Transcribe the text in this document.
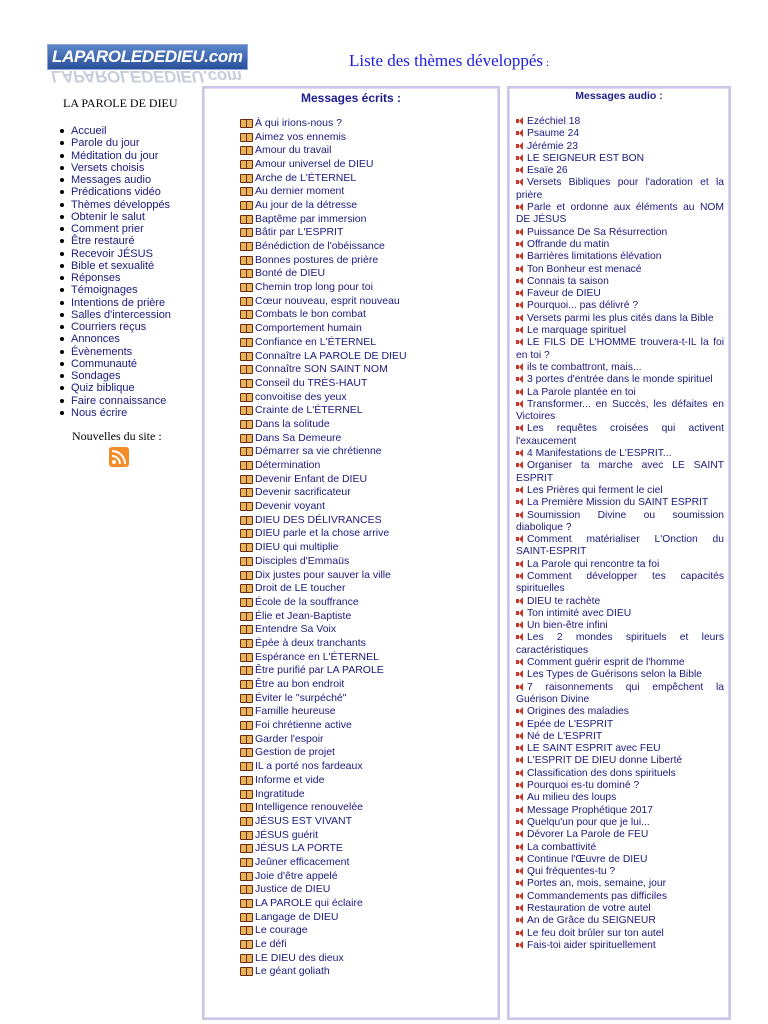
LAPAROLEDEDIEU.com
LAPAROLEDEDIEU.com
Liste des thèmes développés :
LA PAROLE DE DIEU
Accueil
Parole du jour
Méditation du jour
Versets choisis
Messages audio
Prédications vidéo
Thèmes développés
Obtenir le salut
Comment prier
Être restauré
Recevoir JÉSUS
Bible et sexualité
Réponses
Témoignages
Intentions de prière
Salles d'intercession
Courriers reçus
Annonces
Évènements
Communauté
Sondages
Quiz biblique
Faire connaissance
Nous écrire
Nouvelles du site :
Messages écrits :
À qui irions-nous ?
Aimez vos ennemis
Amour du travail
Amour universel de DIEU
Arche de L'ÉTERNEL
Au dernier moment
Au jour de la détresse
Baptême par immersion
Bâtir par L'ESPRIT
Bénédiction de l'obéissance
Bonnes postures de prière
Bonté de DIEU
Chemin trop long pour toi
Cœur nouveau, esprit nouveau
Combats le bon combat
Comportement humain
Confiance en L'ÉTERNEL
Connaître LA PAROLE DE DIEU
Connaître SON SAINT NOM
Conseil du TRÈS-HAUT
convoitise des yeux
Crainte de L'ÉTERNEL
Dans la solitude
Dans Sa Demeure
Démarrer sa vie chrétienne
Détermination
Devenir Enfant de DIEU
Devenir sacrificateur
Devenir voyant
DIEU DES DÉLIVRANCES
DIEU parle et la chose arrive
DIEU qui multiplie
Disciples d'Emmaüs
Dix justes pour sauver la ville
Droit de LE toucher
École de la souffrance
Élie et Jean-Baptiste
Entendre Sa Voix
Épée à deux tranchants
Espérance en L'ÉTERNEL
Être purifié par LA PAROLE
Être au bon endroit
Éviter le "surpéché"
Famille heureuse
Foi chrétienne active
Garder l'espoir
Gestion de projet
IL a porté nos fardeaux
Informe et vide
Ingratitude
Intelligence renouvelée
JÉSUS EST VIVANT
JÉSUS guérit
JÉSUS LA PORTE
Jeûner efficacement
Joie d'être appelé
Justice de DIEU
LA PAROLE qui éclaire
Langage de DIEU
Le courage
Le défi
LE DIEU des dieux
Le géant goliath
Messages audio :
Ezéchiel 18
Psaume 24
Jérémie 23
LE SEIGNEUR EST BON
Esaïe 26
Versets Bibliques pour l'adoration et la prière
Parle et ordonne aux éléments au NOM DE JÉSUS
Puissance De Sa Résurrection
Offrande du matin
Barrières limitations élévation
Ton Bonheur est menacé
Connais ta saison
Faveur de DIEU
Pourquoi... pas délivré ?
Versets parmi les plus cités dans la Bible
Le marquage spirituel
LE FILS DE L'HOMME trouvera-t-IL la foi en toi ?
ils te combattront, mais...
3 portes d'entrée dans le monde spirituel
La Parole plantée en toi
Transformer... en Succès, les défaites en Victoires
Les requêtes croisées qui activent l'exaucement
4 Manifestations de L'ESPRIT...
Organiser ta marche avec LE SAINT ESPRIT
Les Prières qui ferment le ciel
La Première Mission du SAINT ESPRIT
Soumission Divine ou soumission diabolique ?
Comment matérialiser L'Onction du SAINT-ESPRIT
La Parole qui rencontre ta foi
Comment développer tes capacités spirituelles
DIEU te rachète
Ton intimité avec DIEU
Un bien-être infini
Les 2 mondes spirituels et leurs caractéristiques
Comment guérir esprit de l'homme
Les Types de Guérisons selon la Bible
7 raisonnements qui empêchent la Guérison Divine
Origines des maladies
Epée de L'ESPRIT
Né de L'ESPRIT
LE SAINT ESPRIT avec FEU
L'ESPRIT DE DIEU donne Liberté
Classification des dons spirituels
Pourquoi es-tu dominé ?
Au milieu des loups
Message Prophétique 2017
Quelqu'un pour que je lui...
Dévorer La Parole de FEU
La combattivité
Continue l'Œuvre de DIEU
Qui fréquentes-tu ?
Portes an, mois, semaine, jour
Commandements pas difficiles
Restauration de votre autel
An de Grâce du SEIGNEUR
Le feu doit brûler sur ton autel
Fais-toi aider spirituellement
